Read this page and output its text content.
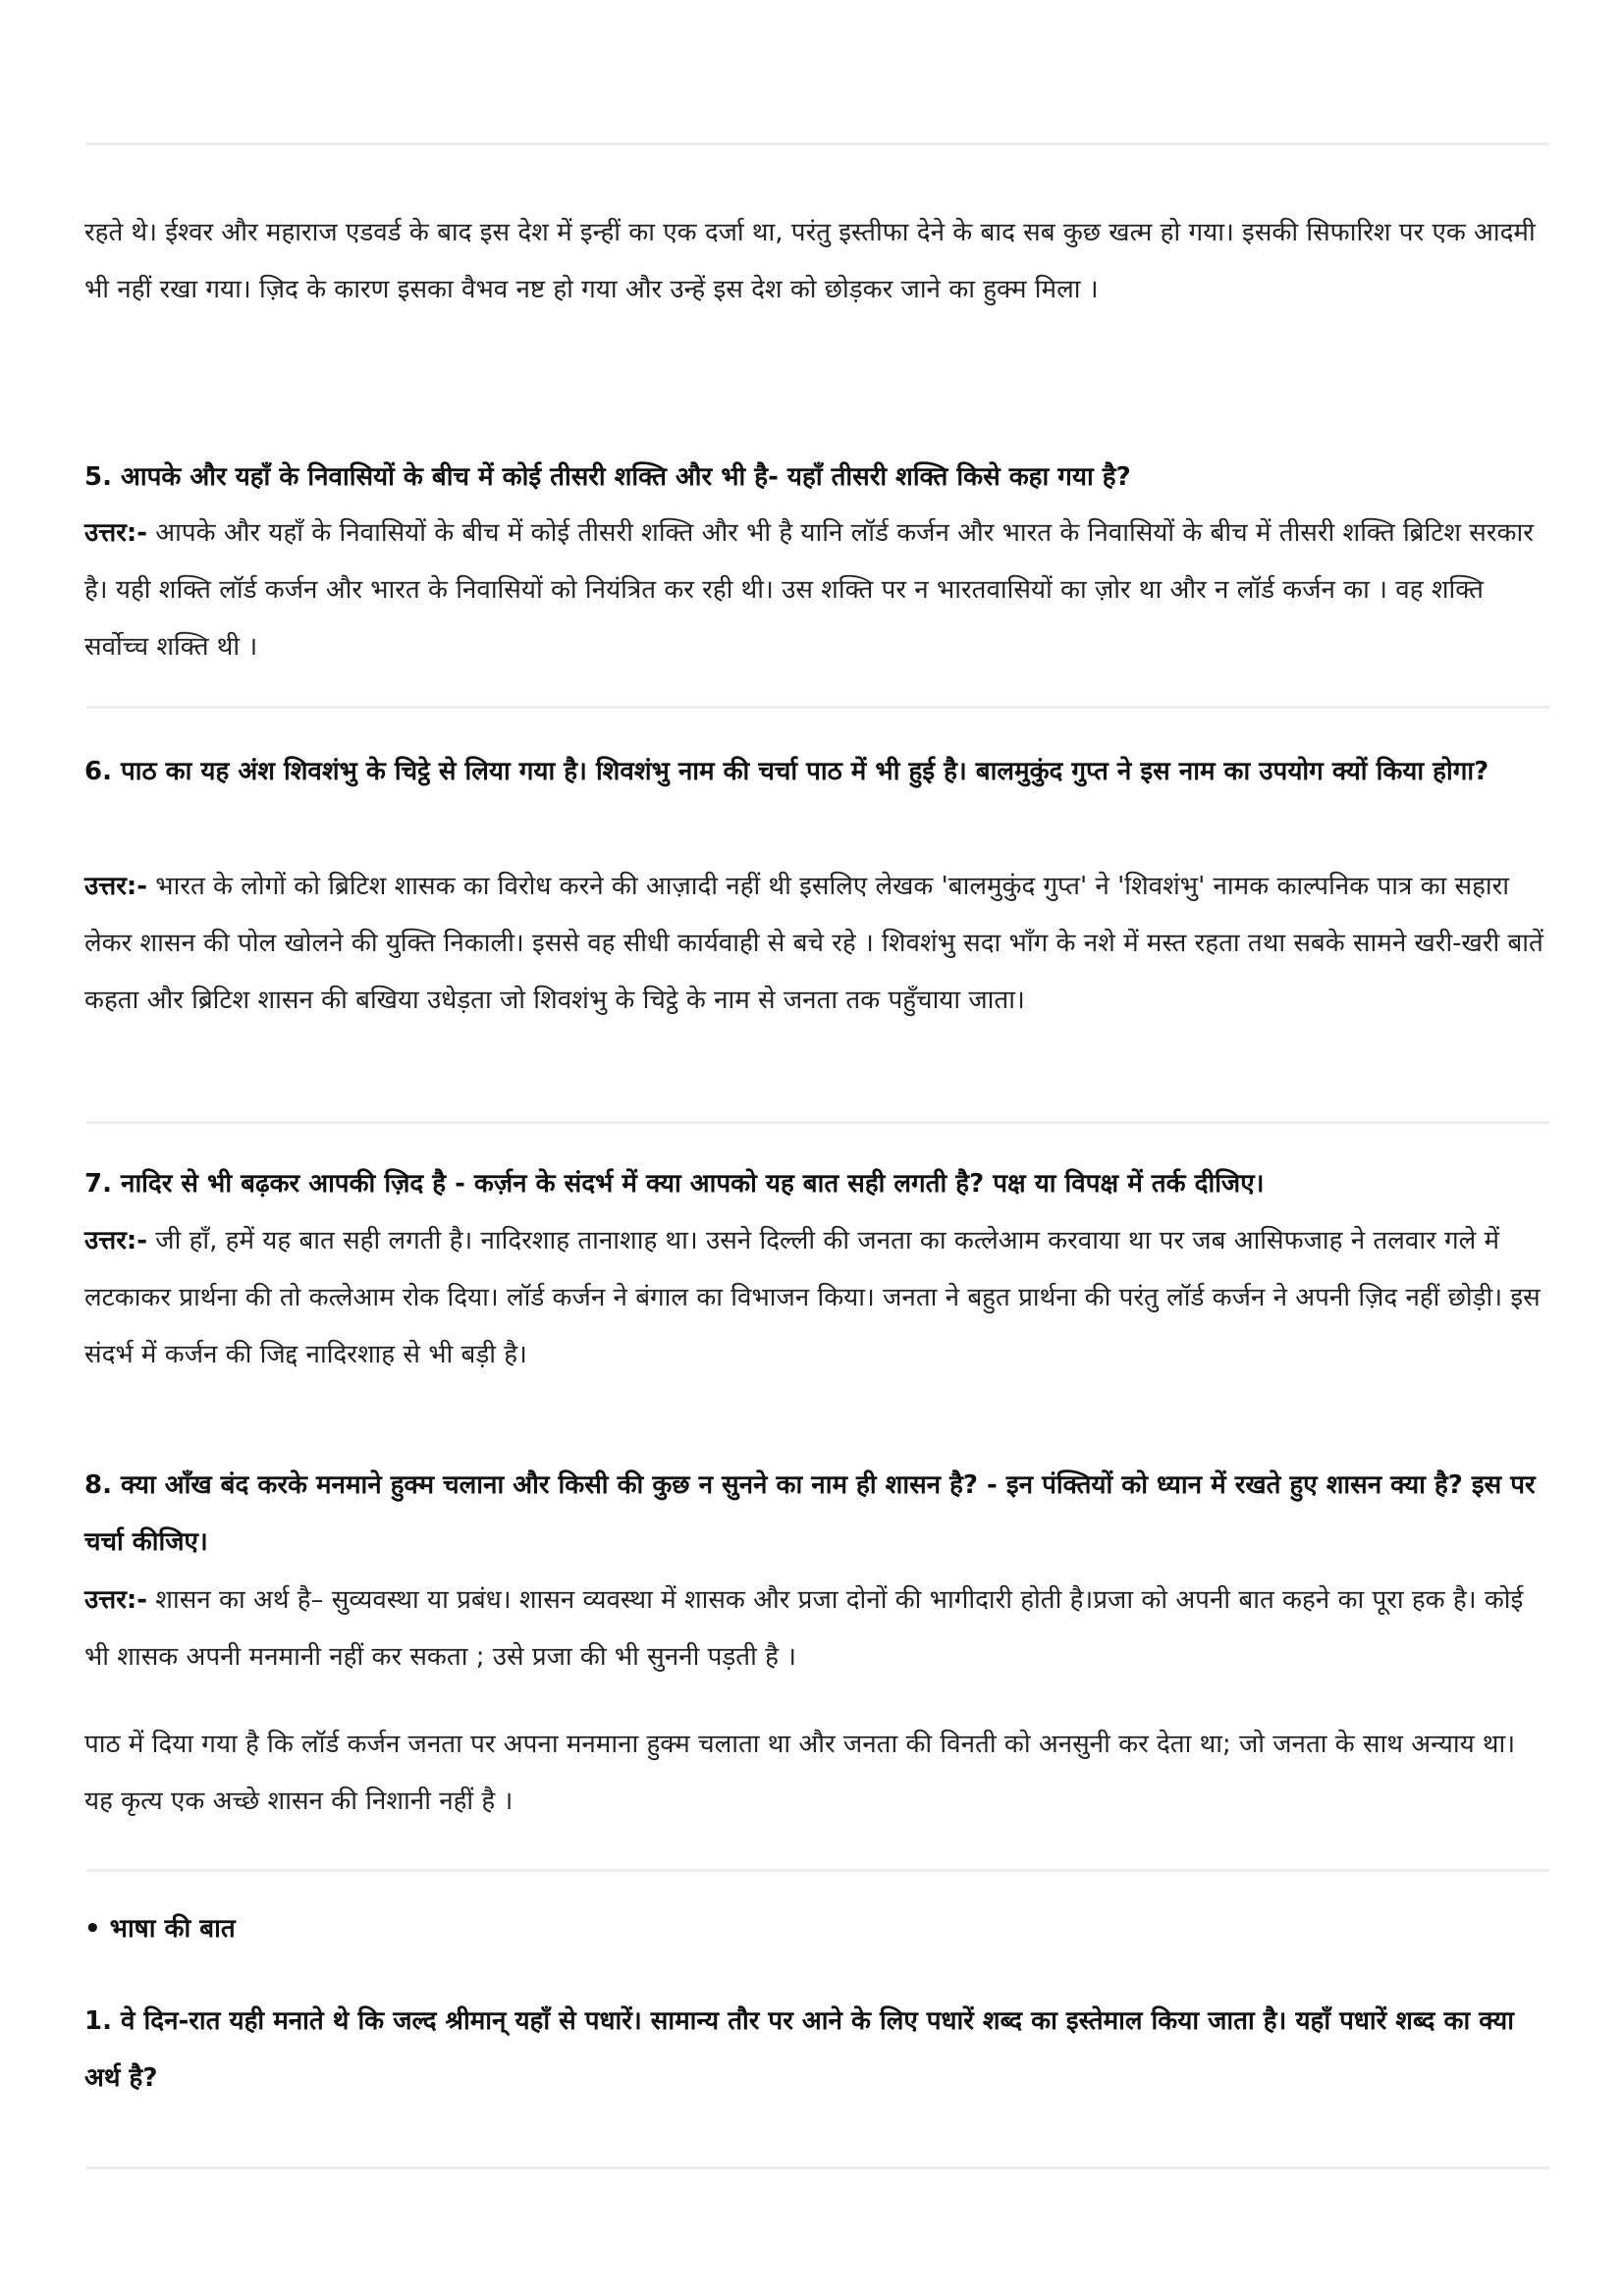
रहते थे। ईश्वर और महाराज एडवर्ड के बाद इस देश में इन्हीं का एक दर्जा था, परंतु इस्तीफा देने के बाद सब कुछ खत्म हो गया। इसकी सिफारिश पर एक आदमी भी नहीं रखा गया। ज़िद के कारण इसका वैभव नष्ट हो गया और उन्हें इस देश को छोड़कर जाने का हुक्म मिला ।

5. आपके और यहाँ के निवासियों के बीच में कोई तीसरी शक्ति और भी है- यहाँ तीसरी शक्ति किसे कहा गया है?

उत्तर:- आपके और यहाँ के निवासियों के बीच में कोई तीसरी शक्ति और भी है यानि लॉर्ड कर्जन और भारत के निवासियों के बीच में तीसरी शक्ति ब्रिटिश सरकार है। यही शक्ति लॉर्ड कर्जन और भारत के निवासियों को नियंत्रित कर रही थी। उस शक्ति पर न भारतवासियों का ज़ोर था और न लॉर्ड कर्जन का । वह शक्ति सर्वोच्च शक्ति थी ।

6. पाठ का यह अंश शिवशंभु के चिट्ठे से लिया गया है। शिवशंभु नाम की चर्चा पाठ में भी हुई है। बालमुकुंद गुप्त ने इस नाम का उपयोग क्यों किया होगा?

उत्तर:- भारत के लोगों को ब्रिटिश शासक का विरोध करने की आज़ादी नहीं थी इसलिए लेखक 'बालमुकुंद गुप्त' ने 'शिवशंभु' नामक काल्पनिक पात्र का सहारा लेकर शासन की पोल खोलने की युक्ति निकाली। इससे वह सीधी कार्यवाही से बचे रहे । शिवशंभु सदा भाँग के नशे में मस्त रहता तथा सबके सामने खरी-खरी बातें कहता और ब्रिटिश शासन की बखिया उधेड़ता जो शिवशंभु के चिट्ठे के नाम से जनता तक पहुँचाया जाता।

7. नादिर से भी बढ़कर आपकी ज़िद है - कर्ज़न के संदर्भ में क्या आपको यह बात सही लगती है? पक्ष या विपक्ष में तर्क दीजिए।

उत्तर:- जी हाँ, हमें यह बात सही लगती है। नादिरशाह तानाशाह था। उसने दिल्ली की जनता का कत्लेआम करवाया था पर जब आसिफजाह ने तलवार गले में लटकाकर प्रार्थना की तो कत्लेआम रोक दिया। लॉर्ड कर्जन ने बंगाल का विभाजन किया। जनता ने बहुत प्रार्थना की परंतु लॉर्ड कर्जन ने अपनी ज़िद नहीं छोड़ी। इस संदर्भ में कर्जन की जिद्द नादिरशाह से भी बड़ी है।

8. क्या आँख बंद करके मनमाने हुक्म चलाना और किसी की कुछ न सुनने का नाम ही शासन है? - इन पंक्तियों को ध्यान में रखते हुए शासन क्या है? इस पर चर्चा कीजिए।

उत्तर:- शासन का अर्थ है– सुव्यवस्था या प्रबंध। शासन व्यवस्था में शासक और प्रजा दोनों की भागीदारी होती है।प्रजा को अपनी बात कहने का पूरा हक है। कोई भी शासक अपनी मनमानी नहीं कर सकता ; उसे प्रजा की भी सुननी पड़ती है ।

पाठ में दिया गया है कि लॉर्ड कर्जन जनता पर अपना मनमाना हुक्म चलाता था और जनता की विनती को अनसुनी कर देता था; जो जनता के साथ अन्याय था। यह कृत्य एक अच्छे शासन की निशानी नहीं है ।

• भाषा की बात

1. वे दिन-रात यही मनाते थे कि जल्द श्रीमान् यहाँ से पधारें। सामान्य तौर पर आने के लिए पधारें शब्द का इस्तेमाल किया जाता है। यहाँ पधारें शब्द का क्या अर्थ है?
